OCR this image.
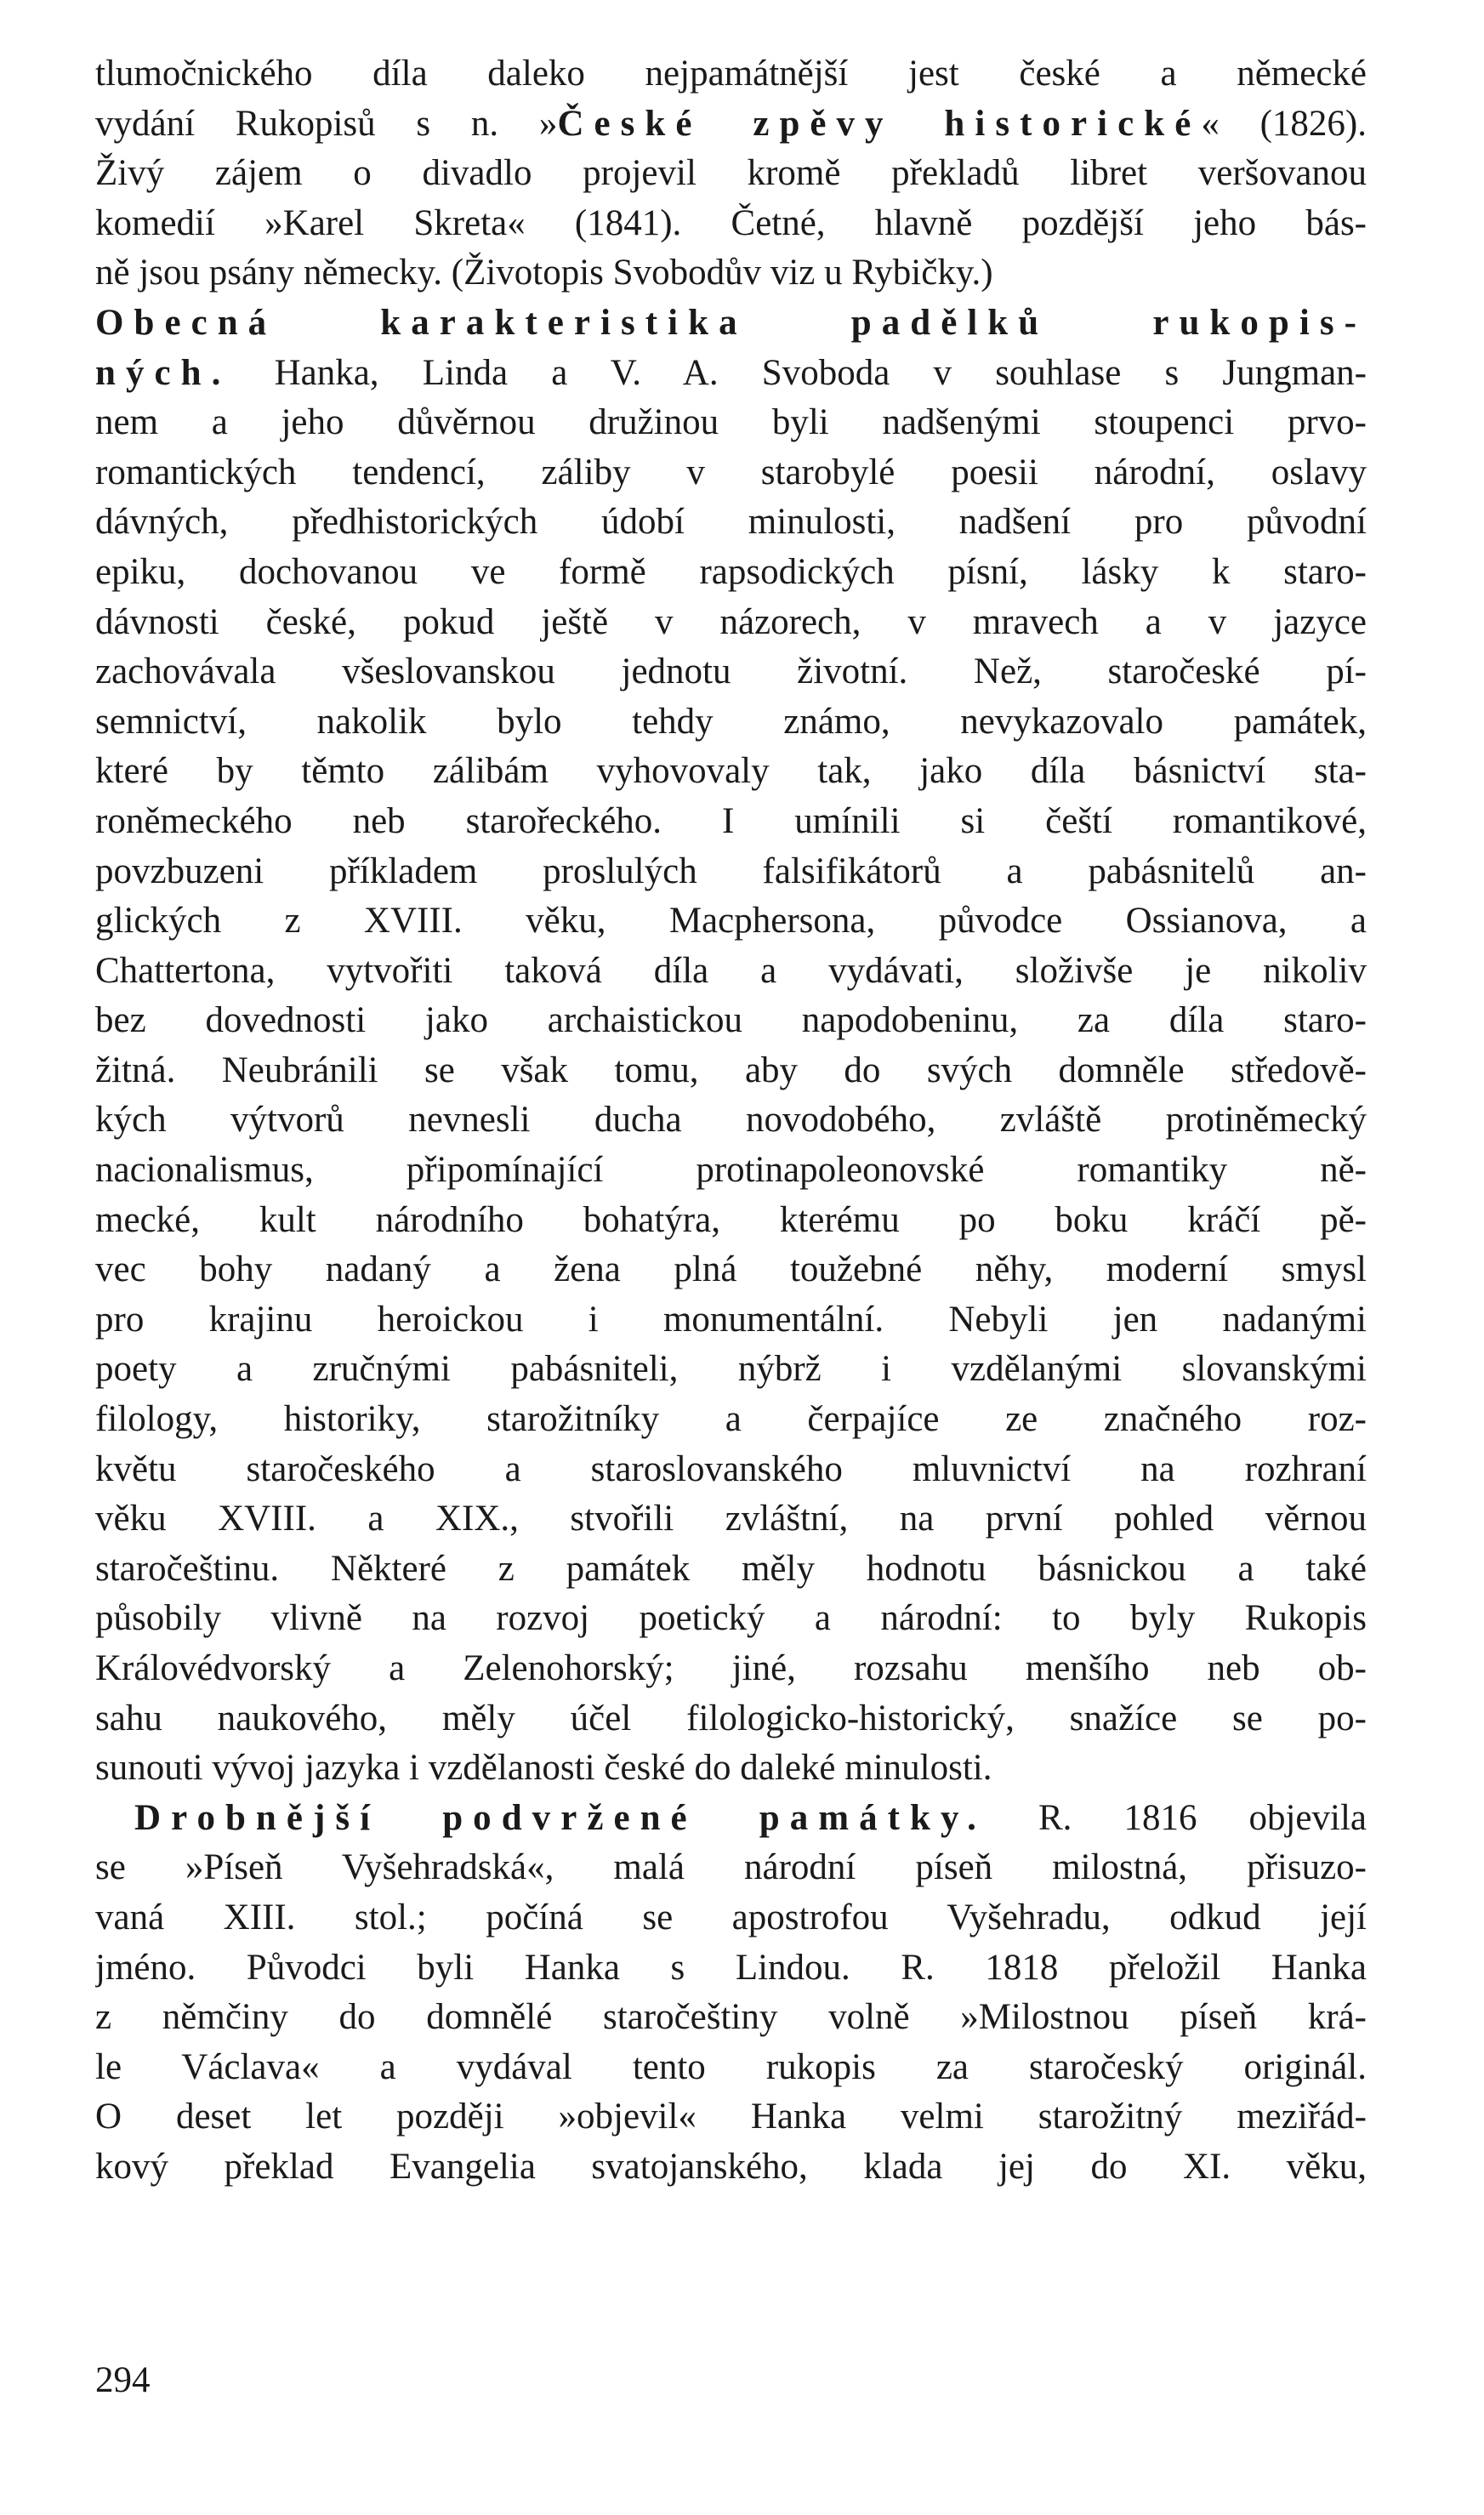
tlumočnického díla daleko nejpamátnější jest české a německé
vydání Rukopisů s n. »České zpěvy historické« (1826).
Živý zájem o divadlo projevil kromě překladů libret veršovanou
komedií »Karel Skreta« (1841). Četné, hlavně pozdější jeho bás-
ně jsou psány německy. (Životopis Svobodův viz u Rybičky.)
Obecná karakteristika padělků rukopis-
ných. Hanka, Linda a V. A. Svoboda v souhlase s Jungman-
nem a jeho důvěrnou družinou byli nadšenými stoupenci prvo-
romantických tendencí, záliby v starobylé poesii národní, oslavy
dávných, předhistorických údobí minulosti, nadšení pro původní
epiku, dochovanou ve formě rapsodických písní, lásky k staro-
dávnosti české, pokud ještě v názorech, v mravech a v jazyce
zachovávala všeslovanskou jednotu životní. Než, staročeské pí-
semnictví, nakolik bylo tehdy známo, nevykazovalo památek,
které by těmto zálibám vyhovovaly tak, jako díla básnictví sta-
roněmeckého neb starořeckého. I umínili si čeští romantikové,
povzbuzeni příkladem proslulých falsifikátorů a pabásnitelů an-
glických z XVIII. věku, Macphersona, původce Ossianova, a
Chattertona, vytvořiti taková díla a vydávati, složivše je nikoliv
bez dovednosti jako archaistickou napodobeninu, za díla staro-
žitná. Neubránili se však tomu, aby do svých domněle středově-
kých výtvorů nevnesli ducha novodobého, zvláště protiněmecký
nacionalismus, připomínající protinapoleonovské romantiky ně-
mecké, kult národního bohatýra, kterému po boku kráčí pě-
vec bohy nadaný a žena plná toužebné něhy, moderní smysl
pro krajinu heroickou i monumentální. Nebyli jen nadanými
poety a zručnými pabásniteli, nýbrž i vzdělanými slovanskými
filology, historiky, starožitníky a čerpajíce ze značného roz-
květu staročeského a staroslovanského mluvnictví na rozhraní
věku XVIII. a XIX., stvořili zvláštní, na první pohled věrnou
staročeštinu. Některé z památek měly hodnotu básnickou a také
působily vlivně na rozvoj poetický a národní: to byly Rukopis
Královédvorský a Zelenohorský; jiné, rozsahu menšího neb ob-
sahu naukového, měly účel filologicko-historický, snažíce se po-
sunouti vývoj jazyka i vzdělanosti české do daleké minulosti.
Drobnější podvržené památky. R. 1816 objevila
se »Píseň Vyšehradská«, malá národní píseň milostná, přisuzo-
vaná XIII. stol.; počíná se apostrofou Vyšehradu, odkud její
jméno. Původci byli Hanka s Lindou. R. 1818 přeložil Hanka
z němčiny do domnělé staročeštiny volně »Milostnou píseň krá-
le Václava« a vydával tento rukopis za staročeský originál.
O deset let později »objevil« Hanka velmi starožitný meziřád-
kový překlad Evangelia svatojanského, klada jej do XI. věku,
294
